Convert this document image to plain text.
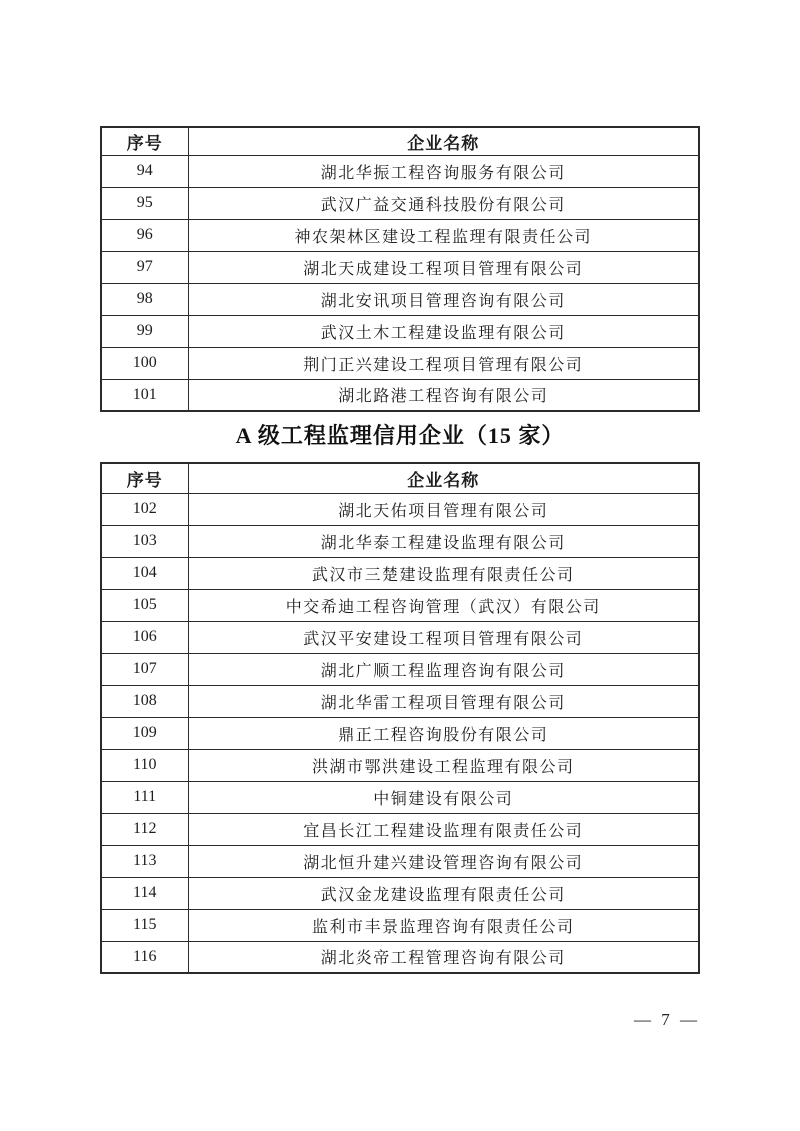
序号	企业名称
94	湖北华振工程咨询服务有限公司
95	武汉广益交通科技股份有限公司
96	神农架林区建设工程监理有限责任公司
97	湖北天成建设工程项目管理有限公司
98	湖北安讯项目管理咨询有限公司
99	武汉土木工程建设监理有限公司
100	荆门正兴建设工程项目管理有限公司
101	湖北路港工程咨询有限公司
A 级工程监理信用企业（15 家）
序号	企业名称
102	湖北天佑项目管理有限公司
103	湖北华泰工程建设监理有限公司
104	武汉市三楚建设监理有限责任公司
105	中交希迪工程咨询管理（武汉）有限公司
106	武汉平安建设工程项目管理有限公司
107	湖北广顺工程监理咨询有限公司
108	湖北华雷工程项目管理有限公司
109	鼎正工程咨询股份有限公司
110	洪湖市鄂洪建设工程监理有限公司
111	中铜建设有限公司
112	宜昌长江工程建设监理有限责任公司
113	湖北恒升建兴建设管理咨询有限公司
114	武汉金龙建设监理有限责任公司
115	监利市丰景监理咨询有限责任公司
116	湖北炎帝工程管理咨询有限公司
— 7 —
